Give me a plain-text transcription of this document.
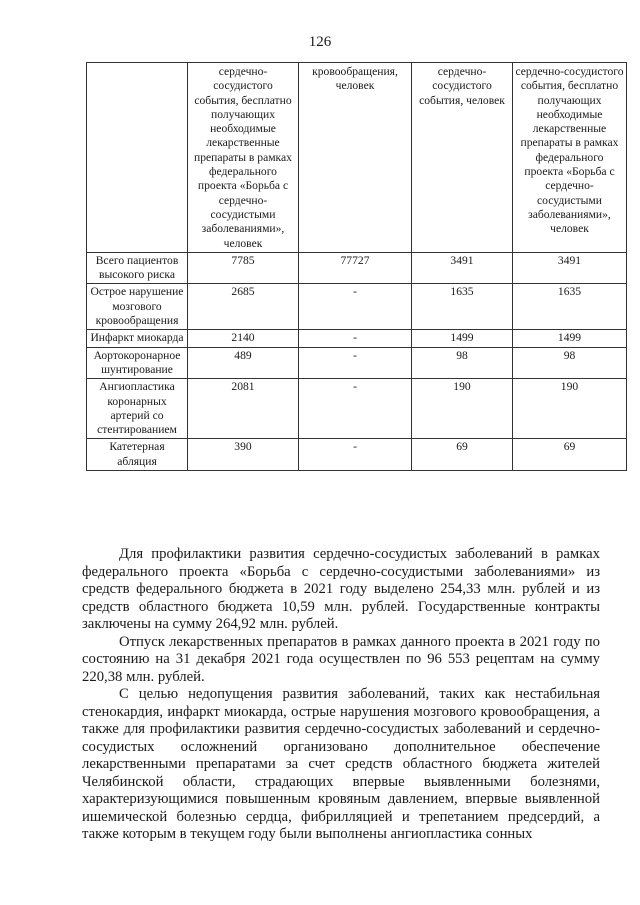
126
	сердечно-сосудистого события, бесплатно получающих необходимые лекарственные препараты в рамках федерального проекта «Борьба с сердечно-сосудистыми заболеваниями», человек	кровообращения, человек	сердечно-сосудистого события, человек	сердечно-сосудистого события, бесплатно получающих необходимые лекарственные препараты в рамках федерального проекта «Борьба с сердечно-сосудистыми заболеваниями», человек
Всего пациентов высокого риска	7785	77727	3491	3491
Острое нарушение мозгового кровообращения	2685	-	1635	1635
Инфаркт миокарда	2140	-	1499	1499
Аортокоронарное шунтирование	489	-	98	98
Ангиопластика коронарных артерий со стентированием	2081	-	190	190
Катетерная абляция	390	-	69	69

Для профилактики развития сердечно-сосудистых заболеваний в рамках федерального проекта «Борьба с сердечно-сосудистыми заболеваниями» из средств федерального бюджета в 2021 году выделено 254,33 млн. рублей и из средств областного бюджета 10,59 млн. рублей. Государственные контракты заключены на сумму 264,92 млн. рублей.

Отпуск лекарственных препаратов в рамках данного проекта в 2021 году по состоянию на 31 декабря 2021 года осуществлен по 96 553 рецептам на сумму 220,38 млн. рублей.

С целью недопущения развития заболеваний, таких как нестабильная стенокардия, инфаркт миокарда, острые нарушения мозгового кровообращения, а также для профилактики развития сердечно-сосудистых заболеваний и сердечно-сосудистых осложнений организовано дополнительное обеспечение лекарственными препаратами за счет средств областного бюджета жителей Челябинской области, страдающих впервые выявленными болезнями, характеризующимися повышенным кровяным давлением, впервые выявленной ишемической болезнью сердца, фибрилляцией и трепетанием предсердий, а также которым в текущем году были выполнены ангиопластика сонных
